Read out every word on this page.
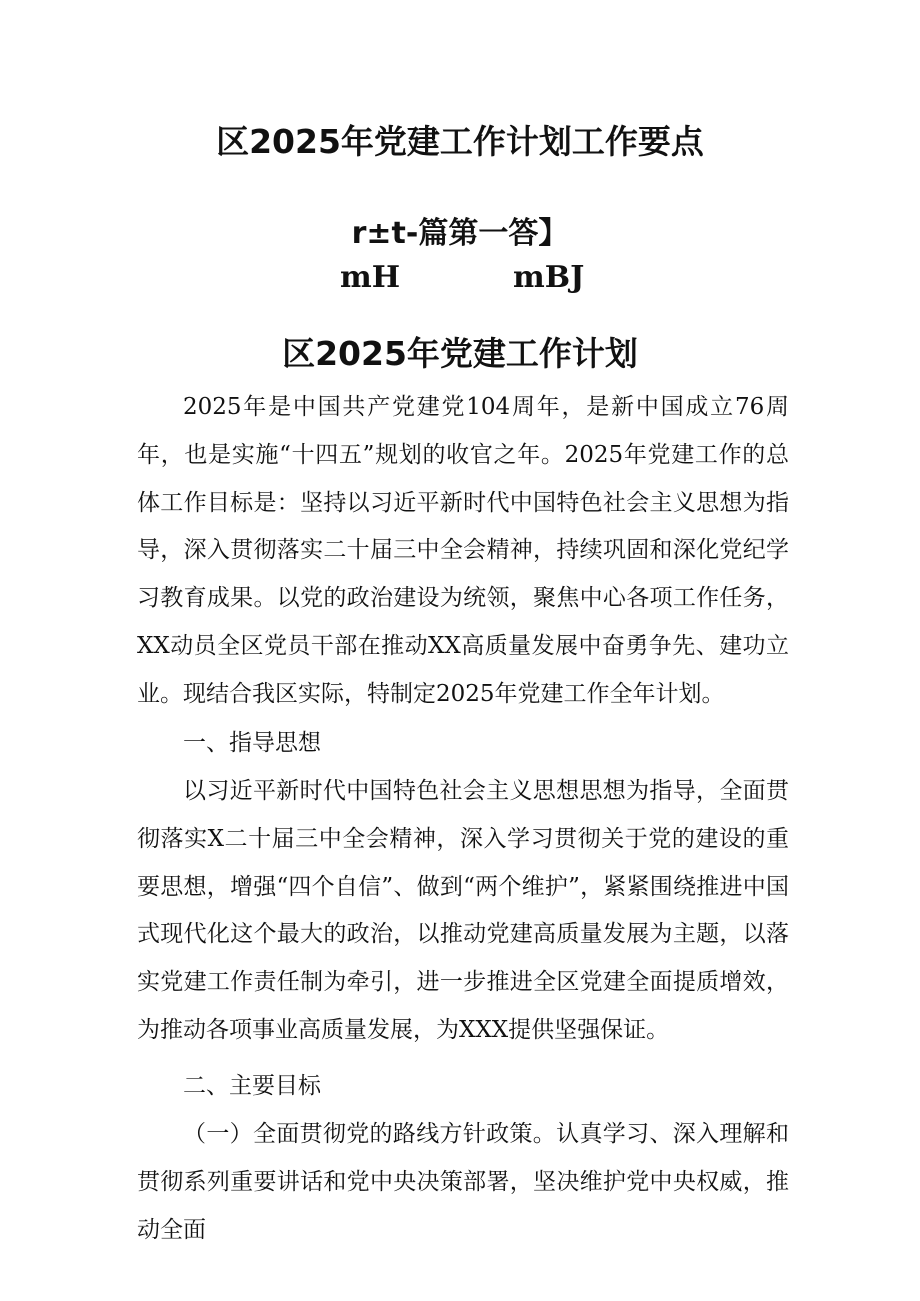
区2025年党建工作计划工作要点
r±t-篇第一答】
mH	mBJ
区2025年党建工作计划

2025年是中国共产党建党104周年，是新中国成立76周年，也是实施“十四五”规划的收官之年。2025年党建工作的总体工作目标是：坚持以习近平新时代中国特色社会主义思想为指导，深入贯彻落实二十届三中全会精神，持续巩固和深化党纪学习教育成果。以党的政治建设为统领，聚焦中心各项工作任务，XX动员全区党员干部在推动XX高质量发展中奋勇争先、建功立业。现结合我区实际，特制定2025年党建工作全年计划。

一、指导思想

以习近平新时代中国特色社会主义思想思想为指导，全面贯彻落实X二十届三中全会精神，深入学习贯彻关于党的建设的重要思想，增强“四个自信”、做到“两个维护”，紧紧围绕推进中国式现代化这个最大的政治，以推动党建高质量发展为主题，以落实党建工作责任制为牵引，进一步推进全区党建全面提质增效，为推动各项事业高质量发展，为XXX提供坚强保证。

二、主要目标

（一）全面贯彻党的路线方针政策。认真学习、深入理解和贯彻系列重要讲话和党中央决策部署，坚决维护党中央权威，推动全面
